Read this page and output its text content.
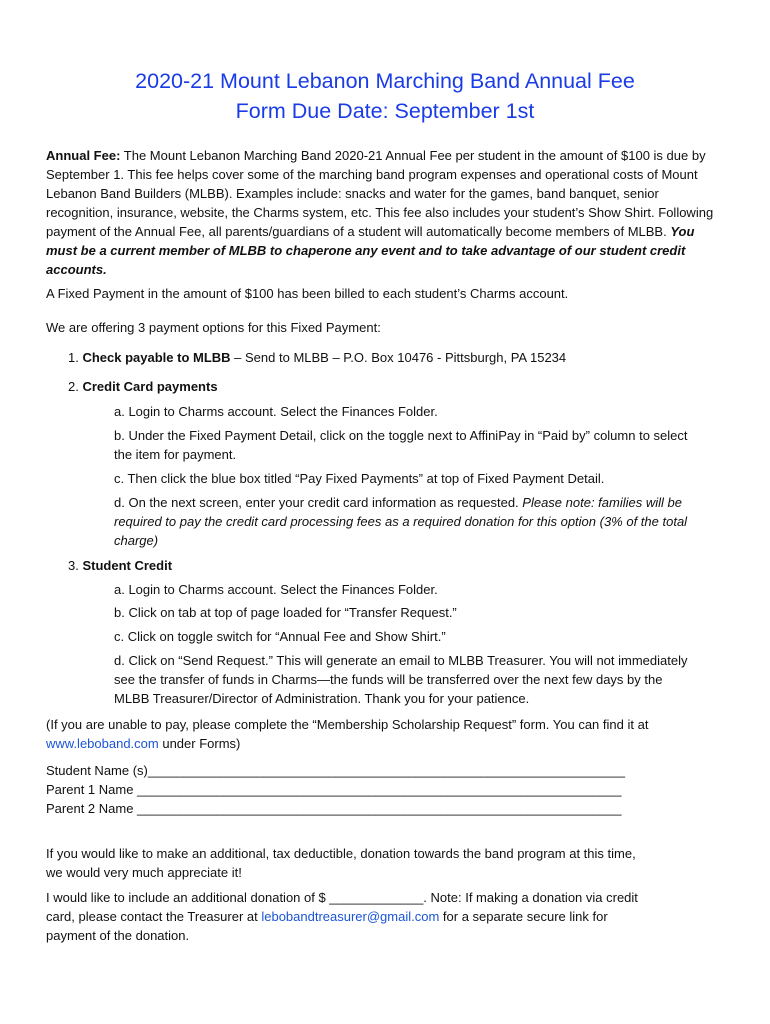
2020-21 Mount Lebanon Marching Band Annual Fee
Form Due Date: September 1st
Annual Fee: The Mount Lebanon Marching Band 2020-21 Annual Fee per student in the amount of $100 is due by September 1. This fee helps cover some of the marching band program expenses and operational costs of Mount Lebanon Band Builders (MLBB). Examples include: snacks and water for the games, band banquet, senior recognition, insurance, website, the Charms system, etc. This fee also includes your student’s Show Shirt. Following payment of the Annual Fee, all parents/guardians of a student will automatically become members of MLBB. You must be a current member of MLBB to chaperone any event and to take advantage of our student credit accounts.
A Fixed Payment in the amount of $100 has been billed to each student’s Charms account.
We are offering 3 payment options for this Fixed Payment:
1. Check payable to MLBB – Send to MLBB – P.O. Box 10476 - Pittsburgh, PA 15234
2. Credit Card payments
a. Login to Charms account. Select the Finances Folder.
b. Under the Fixed Payment Detail, click on the toggle next to AffiniPay in “Paid by” column to select the item for payment.
c. Then click the blue box titled “Pay Fixed Payments” at top of Fixed Payment Detail.
d. On the next screen, enter your credit card information as requested. Please note: families will be required to pay the credit card processing fees as a required donation for this option (3% of the total charge)
3. Student Credit
a. Login to Charms account. Select the Finances Folder.
b. Click on tab at top of page loaded for “Transfer Request.”
c. Click on toggle switch for “Annual Fee and Show Shirt.”
d. Click on “Send Request.” This will generate an email to MLBB Treasurer. You will not immediately see the transfer of funds in Charms—the funds will be transferred over the next few days by the MLBB Treasurer/Director of Administration. Thank you for your patience.
(If you are unable to pay, please complete the “Membership Scholarship Request” form. You can find it at www.leboband.com under Forms)
Student Name (s)__________________________________________________________________
Parent 1 Name ___________________________________________________________________
Parent 2 Name ___________________________________________________________________
If you would like to make an additional, tax deductible, donation towards the band program at this time, we would very much appreciate it!
I would like to include an additional donation of $ _____________. Note: If making a donation via credit card, please contact the Treasurer at lebobandtreasurer@gmail.com for a separate secure link for payment of the donation.
